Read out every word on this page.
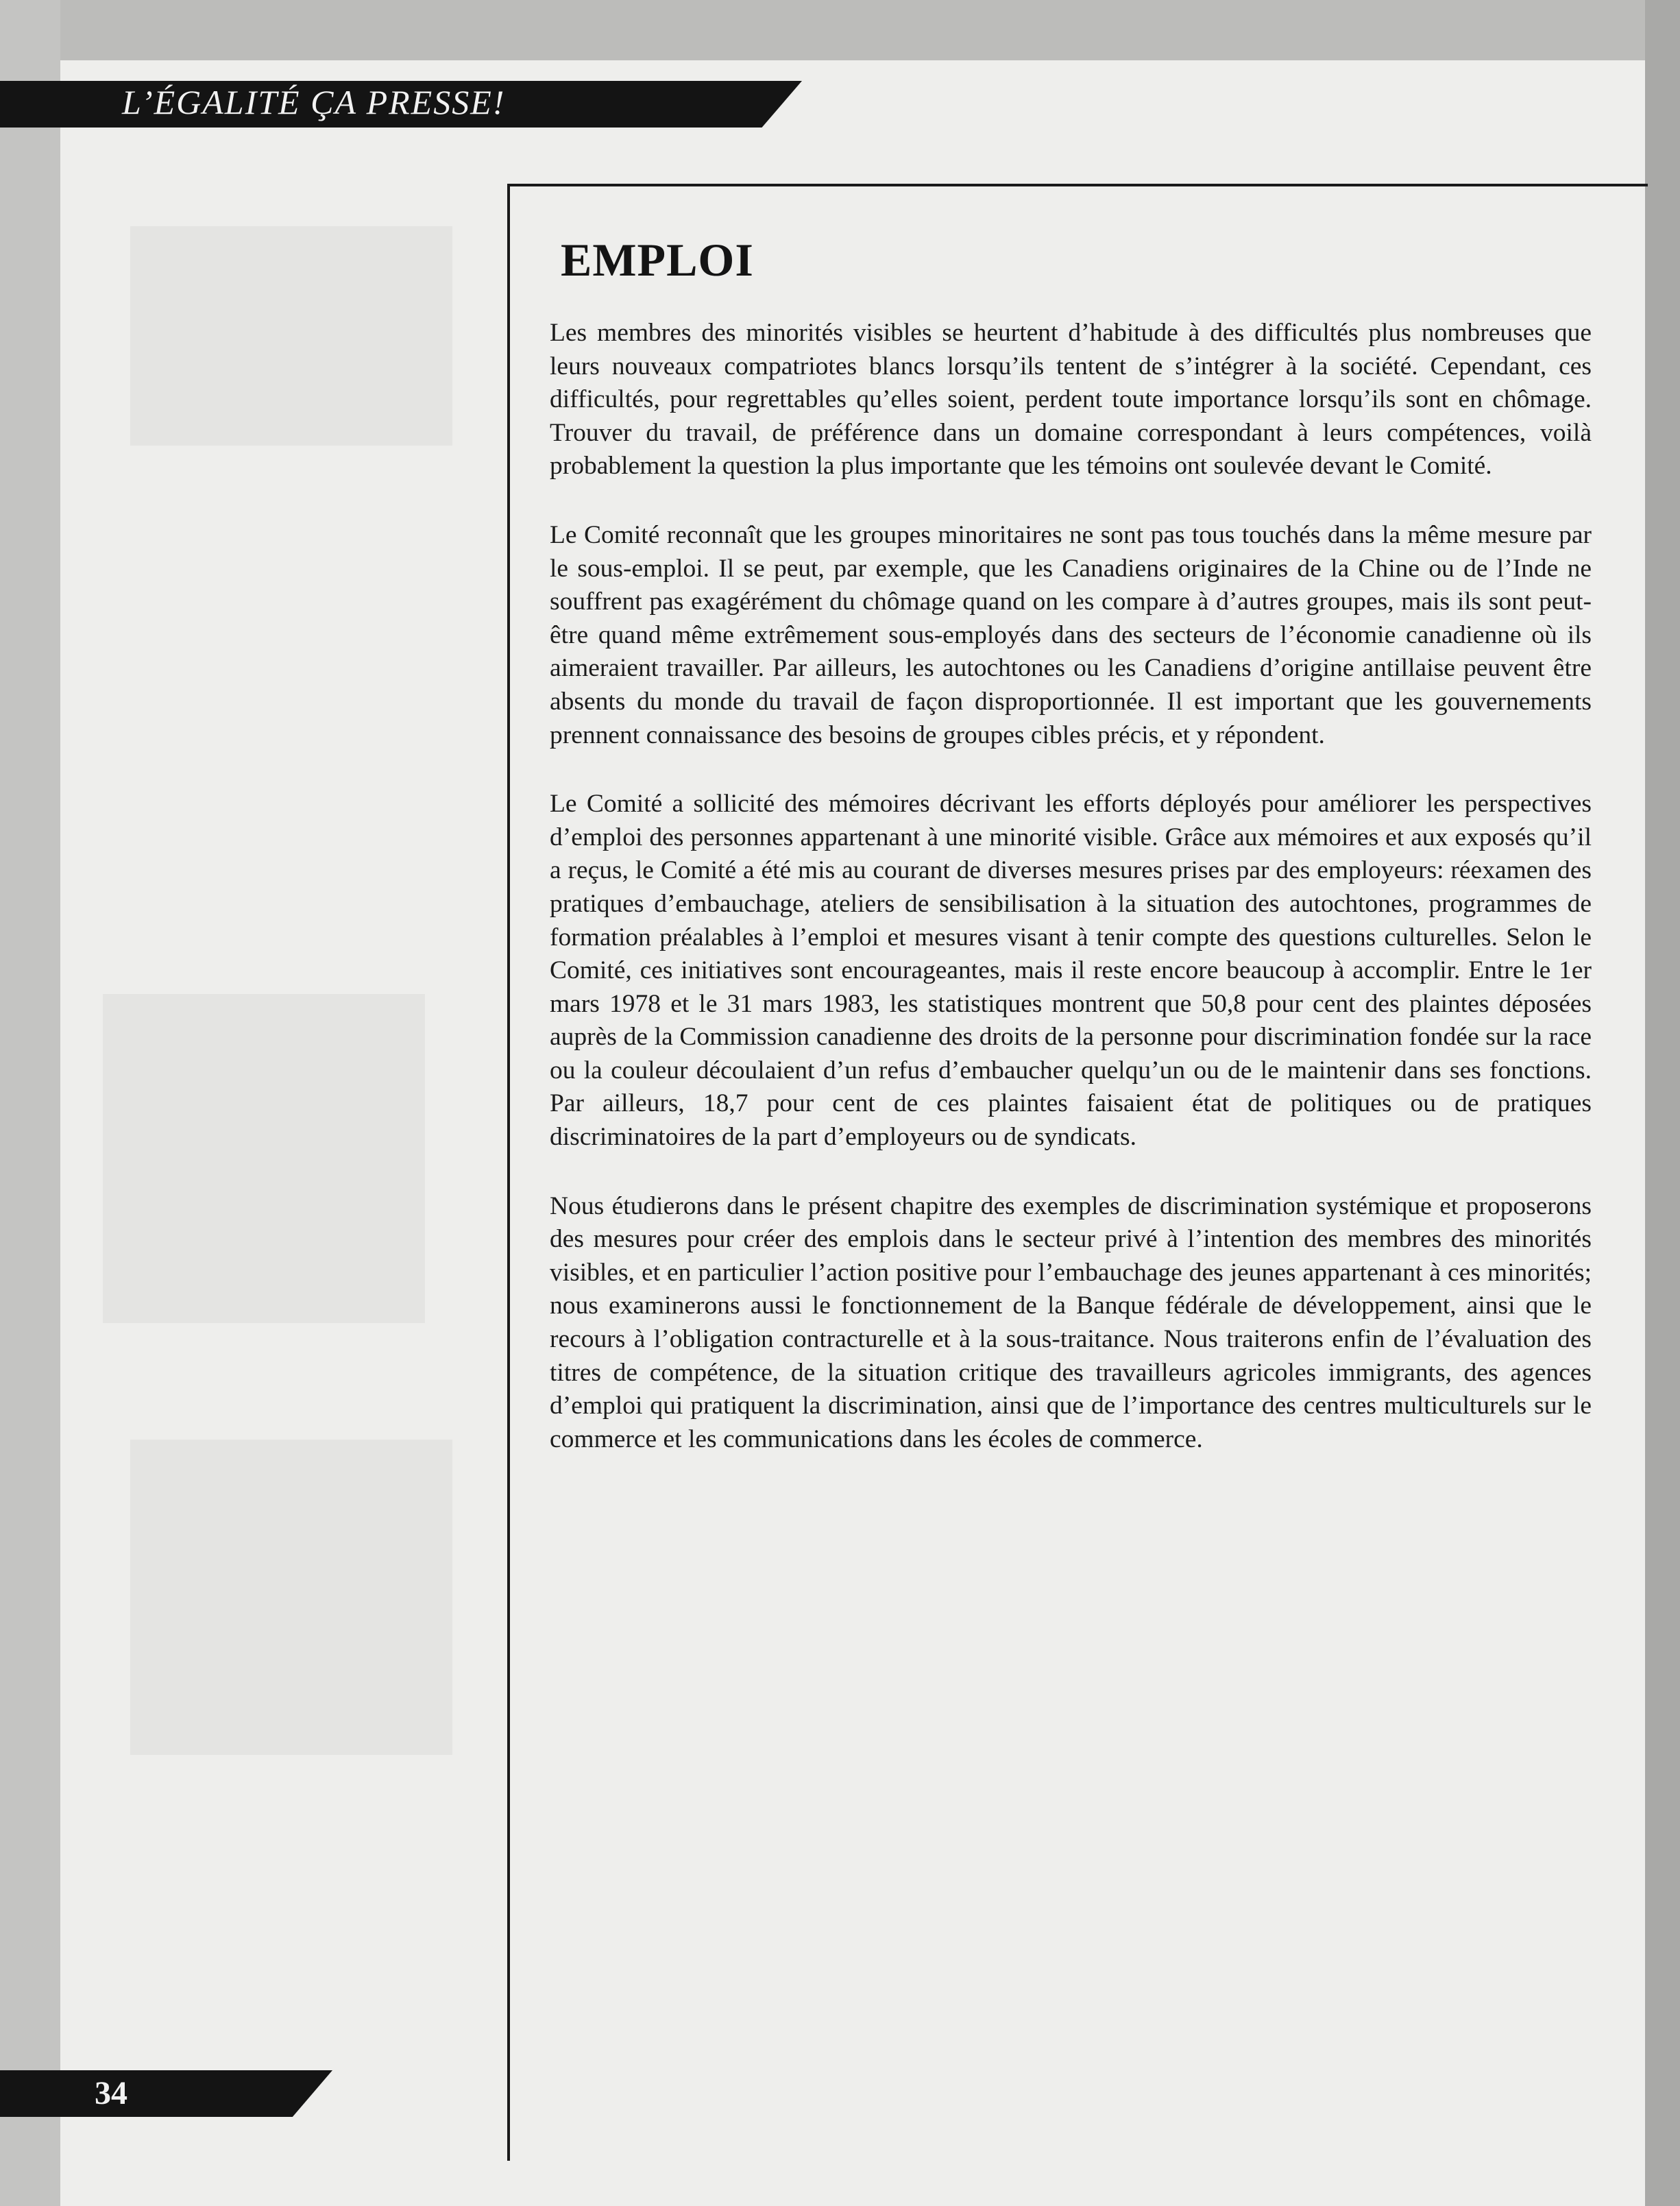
L’ÉGALITÉ ÇA PRESSE!
EMPLOI

Les membres des minorités visibles se heurtent d’habitude à des difficultés plus nombreuses que leurs nouveaux compatriotes blancs lorsqu’ils tentent de s’intégrer à la société. Cependant, ces difficultés, pour regrettables qu’elles soient, perdent toute importance lorsqu’ils sont en chômage. Trouver du travail, de préférence dans un domaine correspondant à leurs compétences, voilà probablement la question la plus importante que les témoins ont soulevée devant le Comité.

Le Comité reconnaît que les groupes minoritaires ne sont pas tous touchés dans la même mesure par le sous-emploi. Il se peut, par exemple, que les Canadiens originaires de la Chine ou de l’Inde ne souffrent pas exagérément du chômage quand on les compare à d’autres groupes, mais ils sont peut-être quand même extrêmement sous-employés dans des secteurs de l’économie canadienne où ils aimeraient travailler. Par ailleurs, les autochtones ou les Canadiens d’origine antillaise peuvent être absents du monde du travail de façon disproportionnée. Il est important que les gouvernements prennent connaissance des besoins de groupes cibles précis, et y répondent.

Le Comité a sollicité des mémoires décrivant les efforts déployés pour améliorer les perspectives d’emploi des personnes appartenant à une minorité visible. Grâce aux mémoires et aux exposés qu’il a reçus, le Comité a été mis au courant de diverses mesures prises par des employeurs: réexamen des pratiques d’embauchage, ateliers de sensibilisation à la situation des autochtones, programmes de formation préalables à l’emploi et mesures visant à tenir compte des questions culturelles. Selon le Comité, ces initiatives sont encourageantes, mais il reste encore beaucoup à accomplir. Entre le 1er mars 1978 et le 31 mars 1983, les statistiques montrent que 50,8 pour cent des plaintes déposées auprès de la Commission canadienne des droits de la personne pour discrimination fondée sur la race ou la couleur découlaient d’un refus d’embaucher quelqu’un ou de le maintenir dans ses fonctions. Par ailleurs, 18,7 pour cent de ces plaintes faisaient état de politiques ou de pratiques discriminatoires de la part d’employeurs ou de syndicats.

Nous étudierons dans le présent chapitre des exemples de discrimination systémique et proposerons des mesures pour créer des emplois dans le secteur privé à l’intention des membres des minorités visibles, et en particulier l’action positive pour l’embauchage des jeunes appartenant à ces minorités; nous examinerons aussi le fonctionnement de la Banque fédérale de développement, ainsi que le recours à l’obligation contracturelle et à la sous-traitance. Nous traiterons enfin de l’évaluation des titres de compétence, de la situation critique des travailleurs agricoles immigrants, des agences d’emploi qui pratiquent la discrimination, ainsi que de l’importance des centres multiculturels sur le commerce et les communications dans les écoles de commerce.

34
